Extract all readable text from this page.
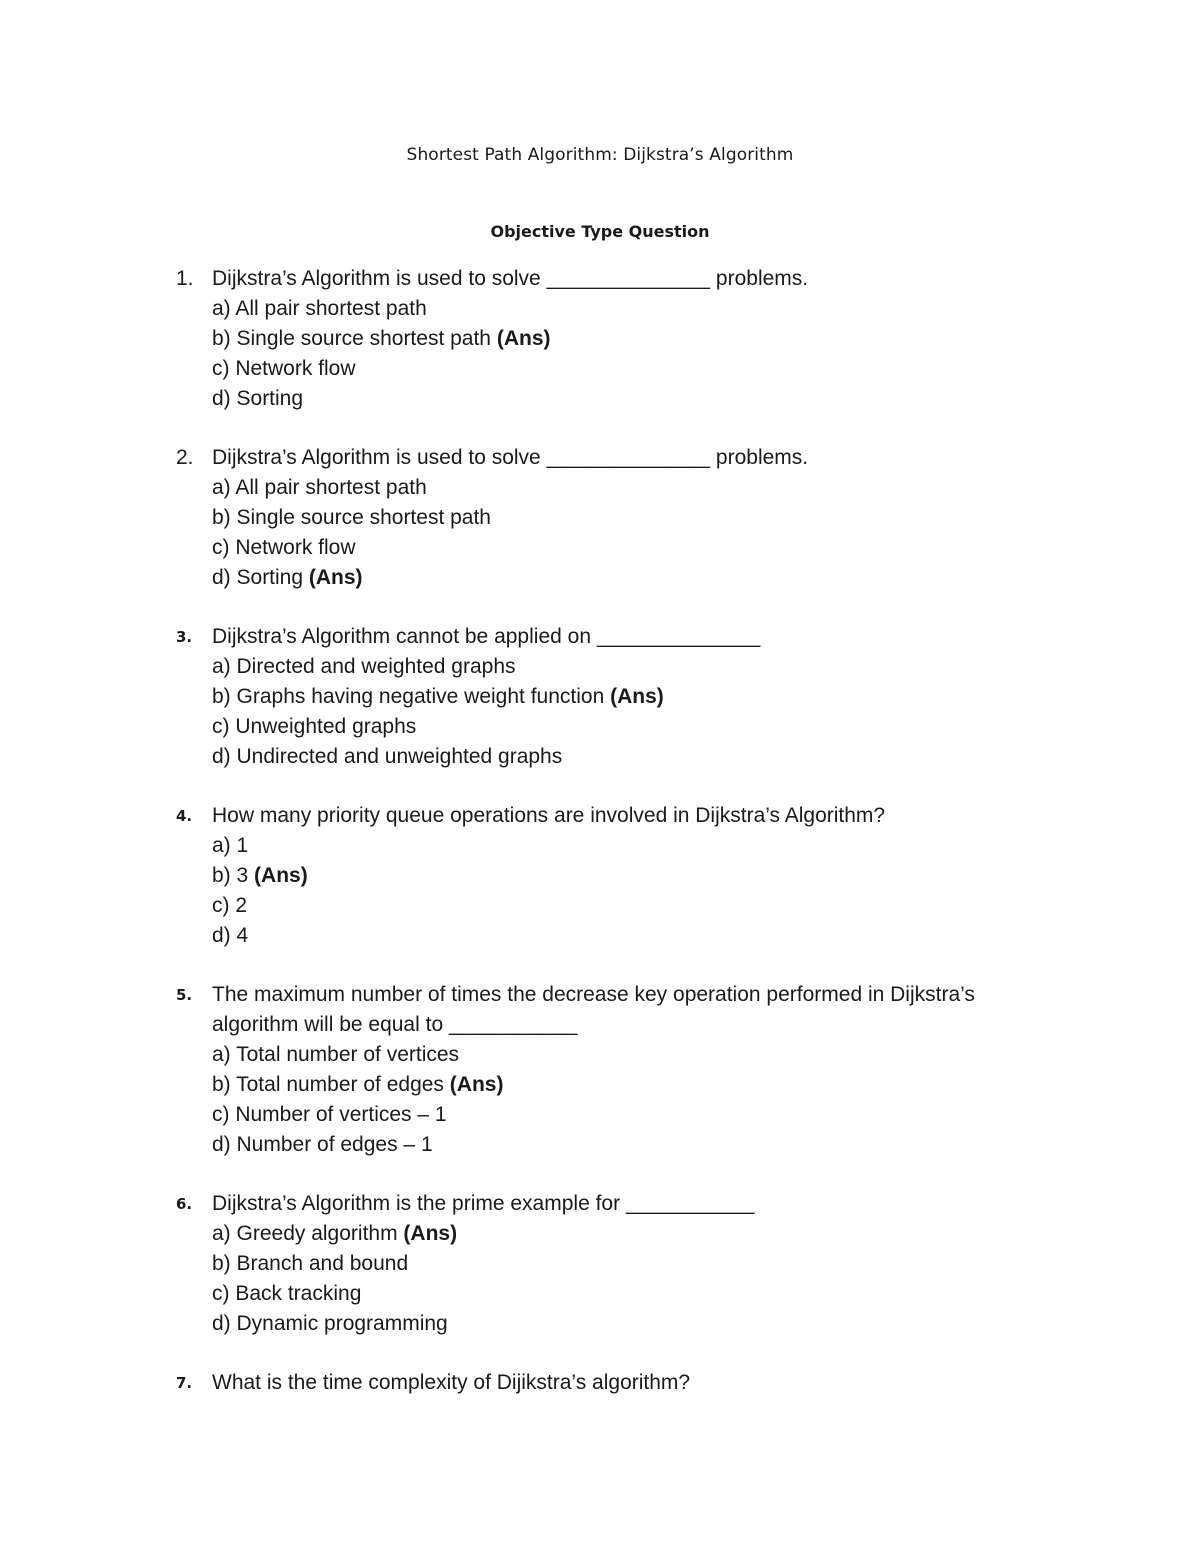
Shortest Path Algorithm: Dijkstra’s Algorithm
Objective Type Question
1. Dijkstra’s Algorithm is used to solve ______________ problems.
a) All pair shortest path
b) Single source shortest path (Ans)
c) Network flow
d) Sorting
2. Dijkstra’s Algorithm is used to solve ______________ problems.
a) All pair shortest path
b) Single source shortest path
c) Network flow
d) Sorting (Ans)
3. Dijkstra’s Algorithm cannot be applied on ______________
a) Directed and weighted graphs
b) Graphs having negative weight function (Ans)
c) Unweighted graphs
d) Undirected and unweighted graphs
4. How many priority queue operations are involved in Dijkstra’s Algorithm?
a) 1
b) 3 (Ans)
c) 2
d) 4
5. The maximum number of times the decrease key operation performed in Dijkstra’s algorithm will be equal to ___________
a) Total number of vertices
b) Total number of edges (Ans)
c) Number of vertices – 1
d) Number of edges – 1
6. Dijkstra’s Algorithm is the prime example for ___________
a) Greedy algorithm (Ans)
b) Branch and bound
c) Back tracking
d) Dynamic programming
7. What is the time complexity of Dijikstra’s algorithm?
